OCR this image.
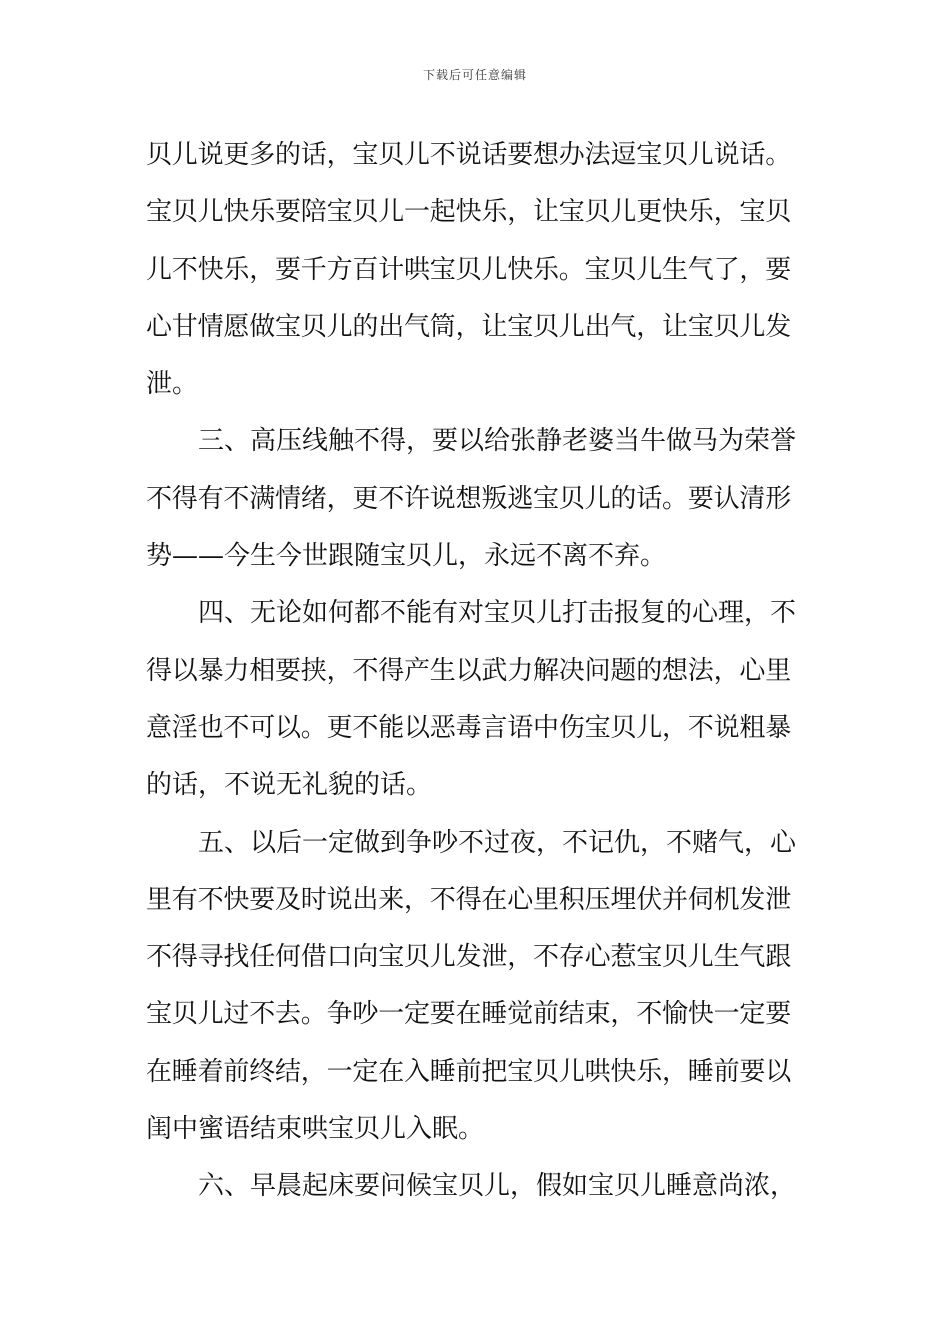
下载后可任意编辑
贝儿说更多的话，宝贝儿不说话要想办法逗宝贝儿说话。
宝贝儿快乐要陪宝贝儿一起快乐，让宝贝儿更快乐，宝贝
儿不快乐，要千方百计哄宝贝儿快乐。宝贝儿生气了，要
心甘情愿做宝贝儿的出气筒，让宝贝儿出气，让宝贝儿发
泄。
三、高压线触不得，要以给张静老婆当牛做马为荣誉
不得有不满情绪，更不许说想叛逃宝贝儿的话。要认清形
势——今生今世跟随宝贝儿，永远不离不弃。
四、无论如何都不能有对宝贝儿打击报复的心理，不
得以暴力相要挟，不得产生以武力解决问题的想法，心里
意淫也不可以。更不能以恶毒言语中伤宝贝儿，不说粗暴
的话，不说无礼貌的话。
五、以后一定做到争吵不过夜，不记仇，不赌气，心
里有不快要及时说出来，不得在心里积压埋伏并伺机发泄
不得寻找任何借口向宝贝儿发泄，不存心惹宝贝儿生气跟
宝贝儿过不去。争吵一定要在睡觉前结束，不愉快一定要
在睡着前终结，一定在入睡前把宝贝儿哄快乐，睡前要以
闺中蜜语结束哄宝贝儿入眠。
六、早晨起床要问候宝贝儿，假如宝贝儿睡意尚浓，
